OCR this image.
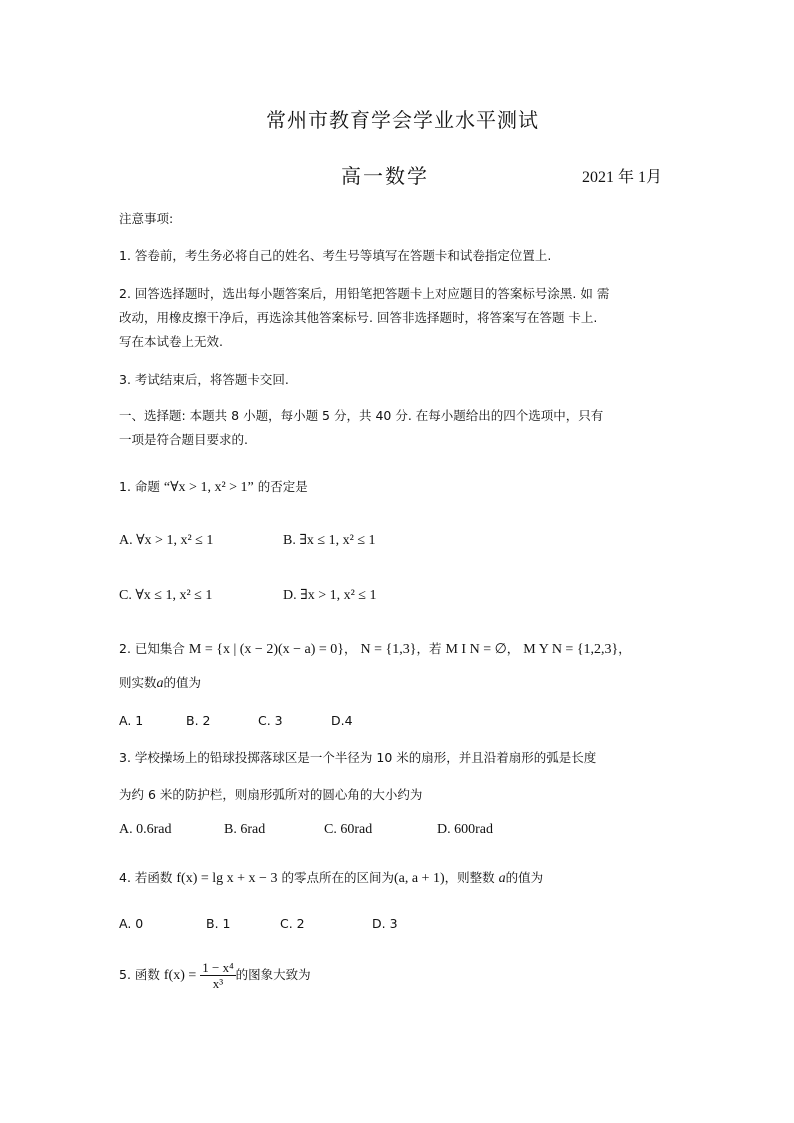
常州市教育学会学业水平测试
高一数学	2021 年 1月
注意事项:
1. 答卷前，考生务必将自己的姓名、考生号等填写在答题卡和试卷指定位置上.
2. 回答选择题时，选出每小题答案后，用铅笔把答题卡上对应题目的答案标号涂黑. 如 需
改动，用橡皮擦干净后，再选涂其他答案标号. 回答非选择题时，将答案写在答题 卡上.
写在本试卷上无效.
3. 考试结束后，将答题卡交回.
一、选择题: 本题共 8 小题，每小题 5 分，共 40 分. 在每小题给出的四个选项中，只有
一项是符合题目要求的.
1. 命题 “∀x > 1, x² > 1” 的否定是
A. ∀x > 1, x² ≤ 1	B. ∃x ≤ 1, x² ≤ 1
C. ∀x ≤ 1, x² ≤ 1	D. ∃x > 1, x² ≤ 1
2. 已知集合 M = {x | (x − 2)(x − a) = 0}， N = {1,3}，若 M I N = ∅， M Y N = {1,2,3}，
则实数a的值为
A. 1	B. 2	C. 3	D.4
3. 学校操场上的铅球投掷落球区是一个半径为 10 米的扇形，并且沿着扇形的弧是长度
为约 6 米的防护栏，则扇形弧所对的圆心角的大小约为
A. 0.6rad	B. 6rad	C. 60rad	D. 600rad
4. 若函数 f(x) = lg x + x − 3 的零点所在的区间为(a, a + 1)，则整数 a的值为
A. 0	B. 1	C. 2	D. 3
5. 函数 $f(x) = \frac{\text{1 − x⁴}}{\text{x³}}$ 的图象大致为
